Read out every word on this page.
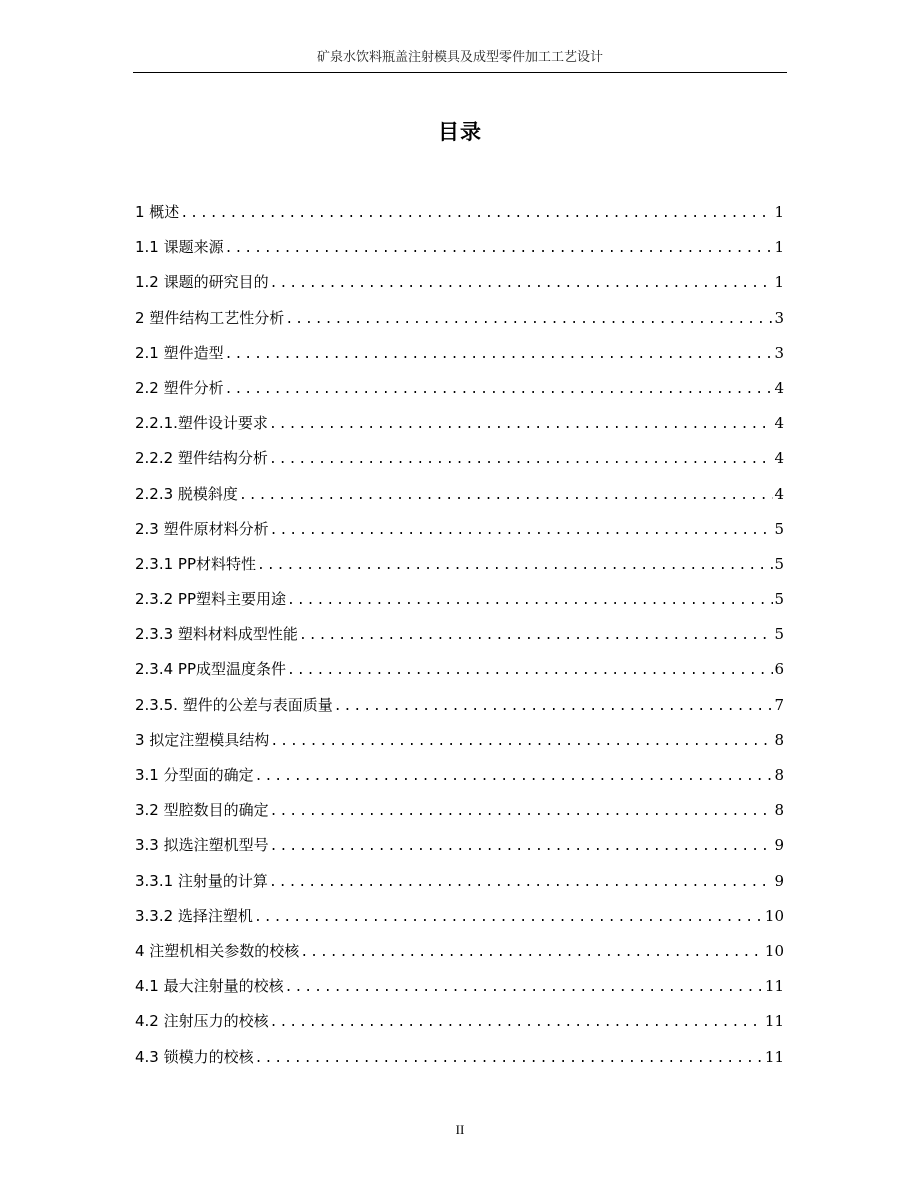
矿泉水饮料瓶盖注射模具及成型零件加工工艺设计
目录
1 概述 .....	1
1.1 课题来源 .....	1
1.2 课题的研究目的 .....	1
2 塑件结构工艺性分析 .....	3
2.1 塑件造型 .....	3
2.2 塑件分析 .....	4
2.2.1.塑件设计要求 .....	4
2.2.2 塑件结构分析 .....	4
2.2.3 脱模斜度 .....	4
2.3 塑件原材料分析 .....	5
2.3.1 PP材料特性 .....	5
2.3.2 PP塑料主要用途 .....	5
2.3.3 塑料材料成型性能 .....	5
2.3.4 PP成型温度条件 .....	6
2.3.5. 塑件的公差与表面质量 .....	7
3 拟定注塑模具结构 .....	8
3.1 分型面的确定 .....	8
3.2 型腔数目的确定 .....	8
3.3 拟选注塑机型号 .....	9
3.3.1 注射量的计算 .....	9
3.3.2 选择注塑机 .....	10
4 注塑机相关参数的校核 .....	10
4.1 最大注射量的校核 .....	11
4.2 注射压力的校核 .....	11
4.3 锁模力的校核 .....	11
II
